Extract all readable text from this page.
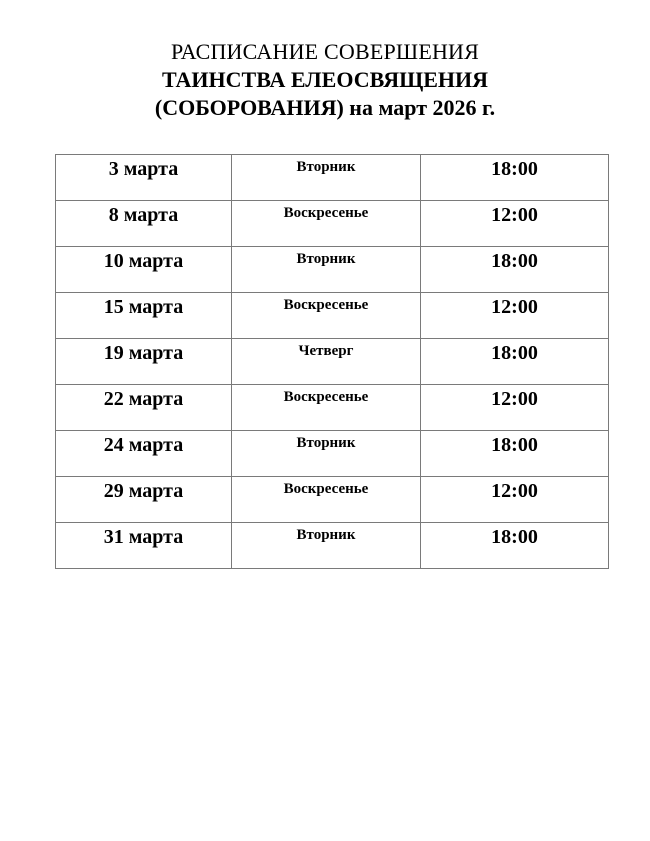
РАСПИСАНИЕ СОВЕРШЕНИЯ
ТАИНСТВА ЕЛЕОСВЯЩЕНИЯ
(СОБОРОВАНИЯ) на март 2026 г.
3 марта	Вторник	18:00
8 марта	Воскресенье	12:00
10 марта	Вторник	18:00
15 марта	Воскресенье	12:00
19 марта	Четверг	18:00
22 марта	Воскресенье	12:00
24 марта	Вторник	18:00
29 марта	Воскресенье	12:00
31 марта	Вторник	18:00
